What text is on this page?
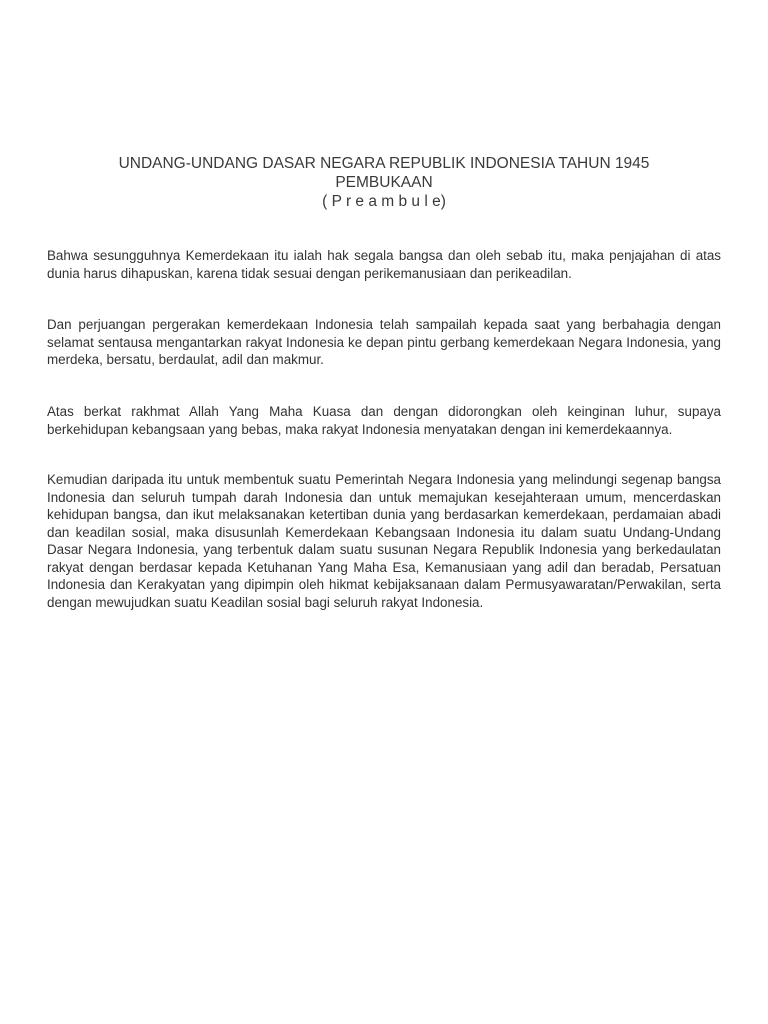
UNDANG-UNDANG DASAR NEGARA REPUBLIK INDONESIA TAHUN 1945
PEMBUKAAN
( P r e a m b u l e)

Bahwa sesungguhnya Kemerdekaan itu ialah hak segala bangsa dan oleh sebab itu, maka penjajahan di atas dunia harus dihapuskan, karena tidak sesuai dengan perikemanusiaan dan perikeadilan.

Dan perjuangan pergerakan kemerdekaan Indonesia telah sampailah kepada saat yang berbahagia dengan selamat sentausa mengantarkan rakyat Indonesia ke depan pintu gerbang kemerdekaan Negara Indonesia, yang merdeka, bersatu, berdaulat, adil dan makmur.

Atas berkat rakhmat Allah Yang Maha Kuasa dan dengan didorongkan oleh keinginan luhur, supaya berkehidupan kebangsaan yang bebas, maka rakyat Indonesia menyatakan dengan ini kemerdekaannya.

Kemudian daripada itu untuk membentuk suatu Pemerintah Negara Indonesia yang melindungi segenap bangsa Indonesia dan seluruh tumpah darah Indonesia dan untuk memajukan kesejahteraan umum, mencerdaskan kehidupan bangsa, dan ikut melaksanakan ketertiban dunia yang berdasarkan kemerdekaan, perdamaian abadi dan keadilan sosial, maka disusunlah Kemerdekaan Kebangsaan Indonesia itu dalam suatu Undang-Undang Dasar Negara Indonesia, yang terbentuk dalam suatu susunan Negara Republik Indonesia yang berkedaulatan rakyat dengan berdasar kepada Ketuhanan Yang Maha Esa, Kemanusiaan yang adil dan beradab, Persatuan Indonesia dan Kerakyatan yang dipimpin oleh hikmat kebijaksanaan dalam Permusyawaratan/Perwakilan, serta dengan mewujudkan suatu Keadilan sosial bagi seluruh rakyat Indonesia.
